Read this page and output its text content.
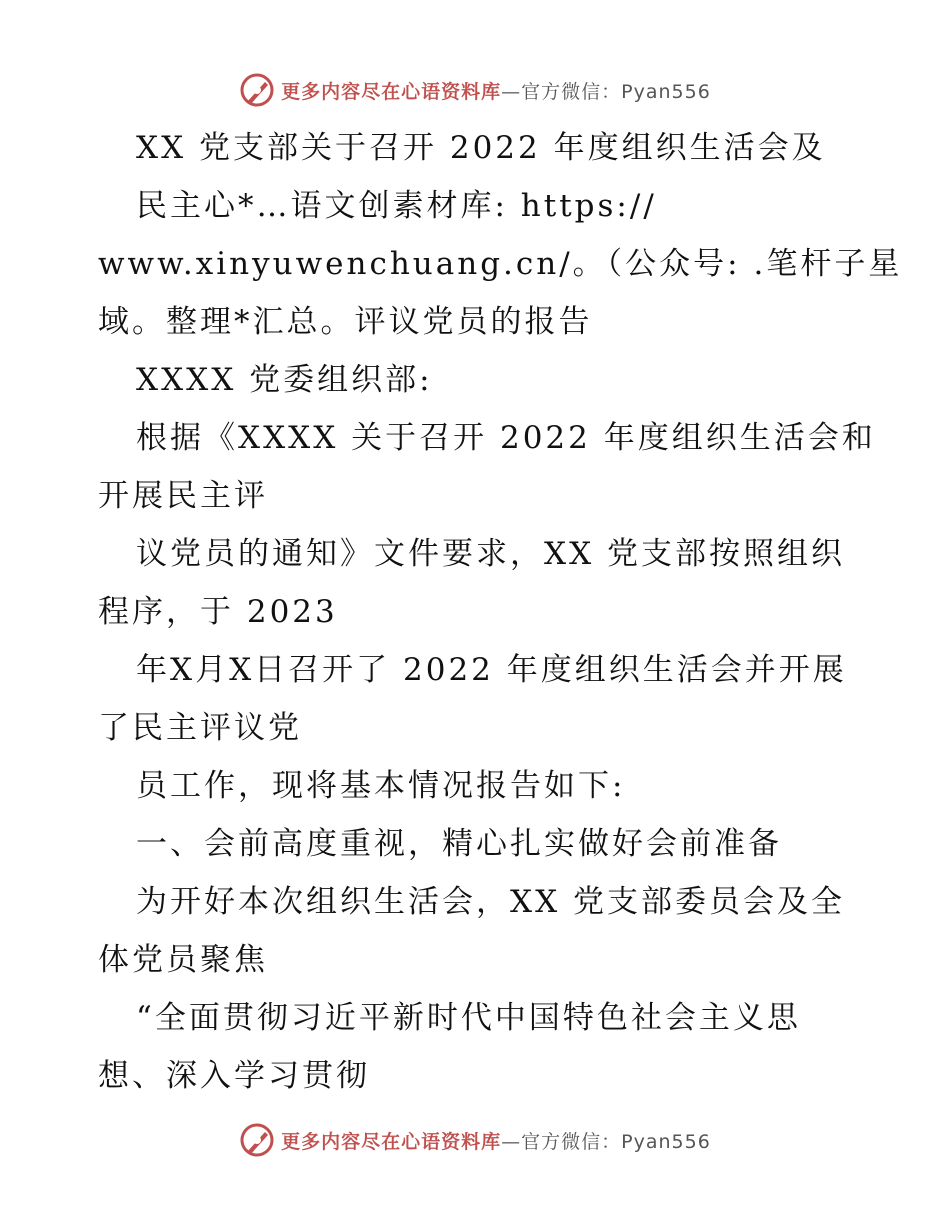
更多内容尽在心语资料库—官方微信：Pyan556
XX 党支部关于召开 2022 年度组织生活会及
民主心*…语文创素材库: https://
www.xinyuwenchuang.cn/。（公众号: .笔杆子星
域。整理*汇总。评议党员的报告
XXXX 党委组织部:
根据《XXXX 关于召开 2022 年度组织生活会和
开展民主评
议党员的通知》文件要求，XX 党支部按照组织
程序，于 2023
年X月X日召开了 2022 年度组织生活会并开展
了民主评议党
员工作，现将基本情况报告如下:
一、会前高度重视，精心扎实做好会前准备
为开好本次组织生活会，XX 党支部委员会及全
体党员聚焦
“全面贯彻习近平新时代中国特色社会主义思
想、深入学习贯彻
更多内容尽在心语资料库—官方微信：Pyan556
